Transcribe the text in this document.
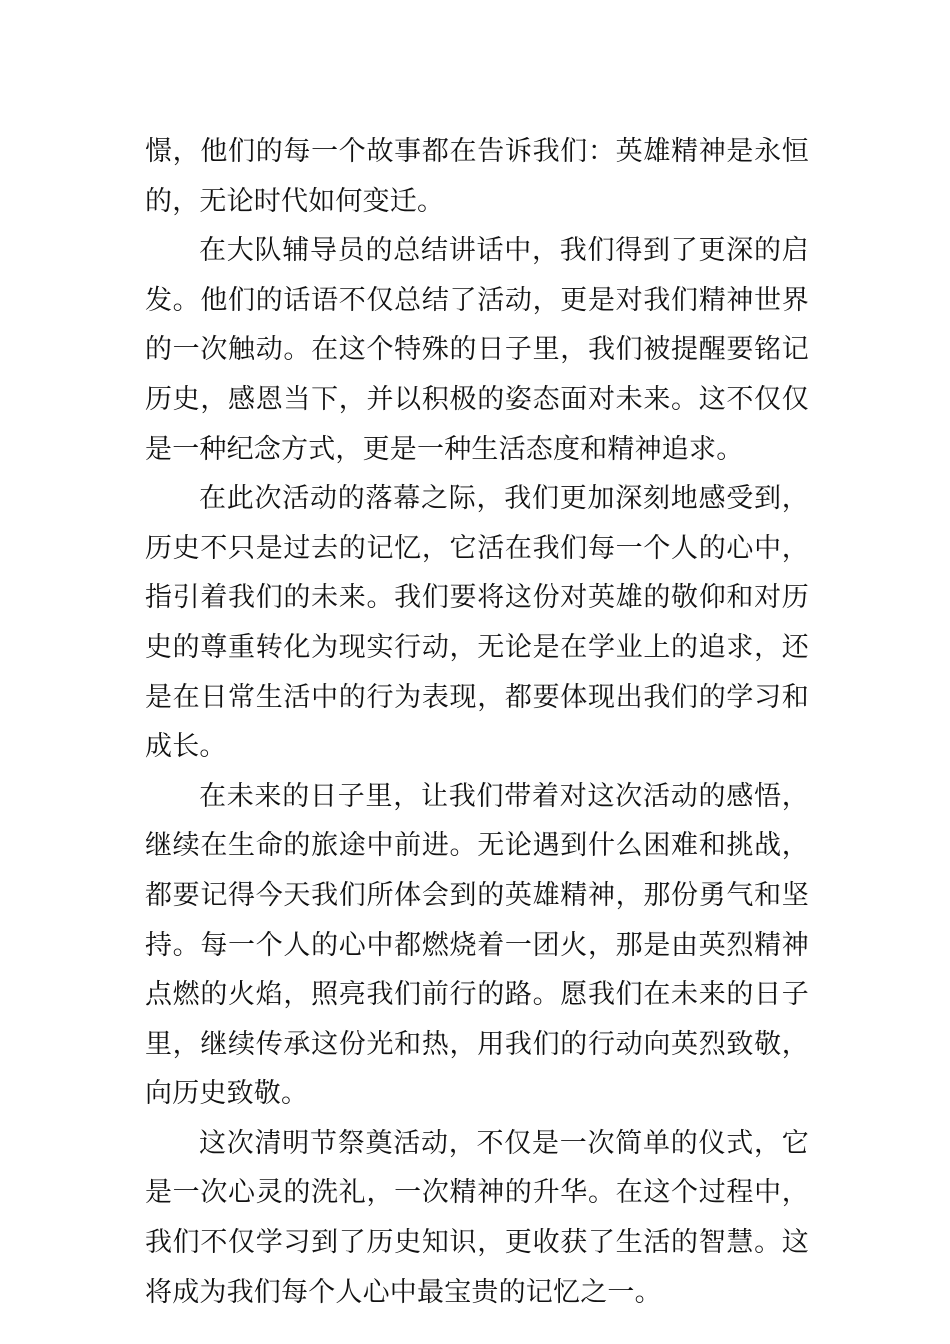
憬，他们的每一个故事都在告诉我们：英雄精神是永恒的，无论时代如何变迁。

在大队辅导员的总结讲话中，我们得到了更深的启发。他们的话语不仅总结了活动，更是对我们精神世界的一次触动。在这个特殊的日子里，我们被提醒要铭记历史，感恩当下，并以积极的姿态面对未来。这不仅仅是一种纪念方式，更是一种生活态度和精神追求。

在此次活动的落幕之际，我们更加深刻地感受到，历史不只是过去的记忆，它活在我们每一个人的心中，指引着我们的未来。我们要将这份对英雄的敬仰和对历史的尊重转化为现实行动，无论是在学业上的追求，还是在日常生活中的行为表现，都要体现出我们的学习和成长。

在未来的日子里，让我们带着对这次活动的感悟，继续在生命的旅途中前进。无论遇到什么困难和挑战，都要记得今天我们所体会到的英雄精神，那份勇气和坚持。每一个人的心中都燃烧着一团火，那是由英烈精神点燃的火焰，照亮我们前行的路。愿我们在未来的日子里，继续传承这份光和热，用我们的行动向英烈致敬，向历史致敬。

这次清明节祭奠活动，不仅是一次简单的仪式，它是一次心灵的洗礼，一次精神的升华。在这个过程中，我们不仅学习到了历史知识，更收获了生活的智慧。这将成为我们每个人心中最宝贵的记忆之一。
